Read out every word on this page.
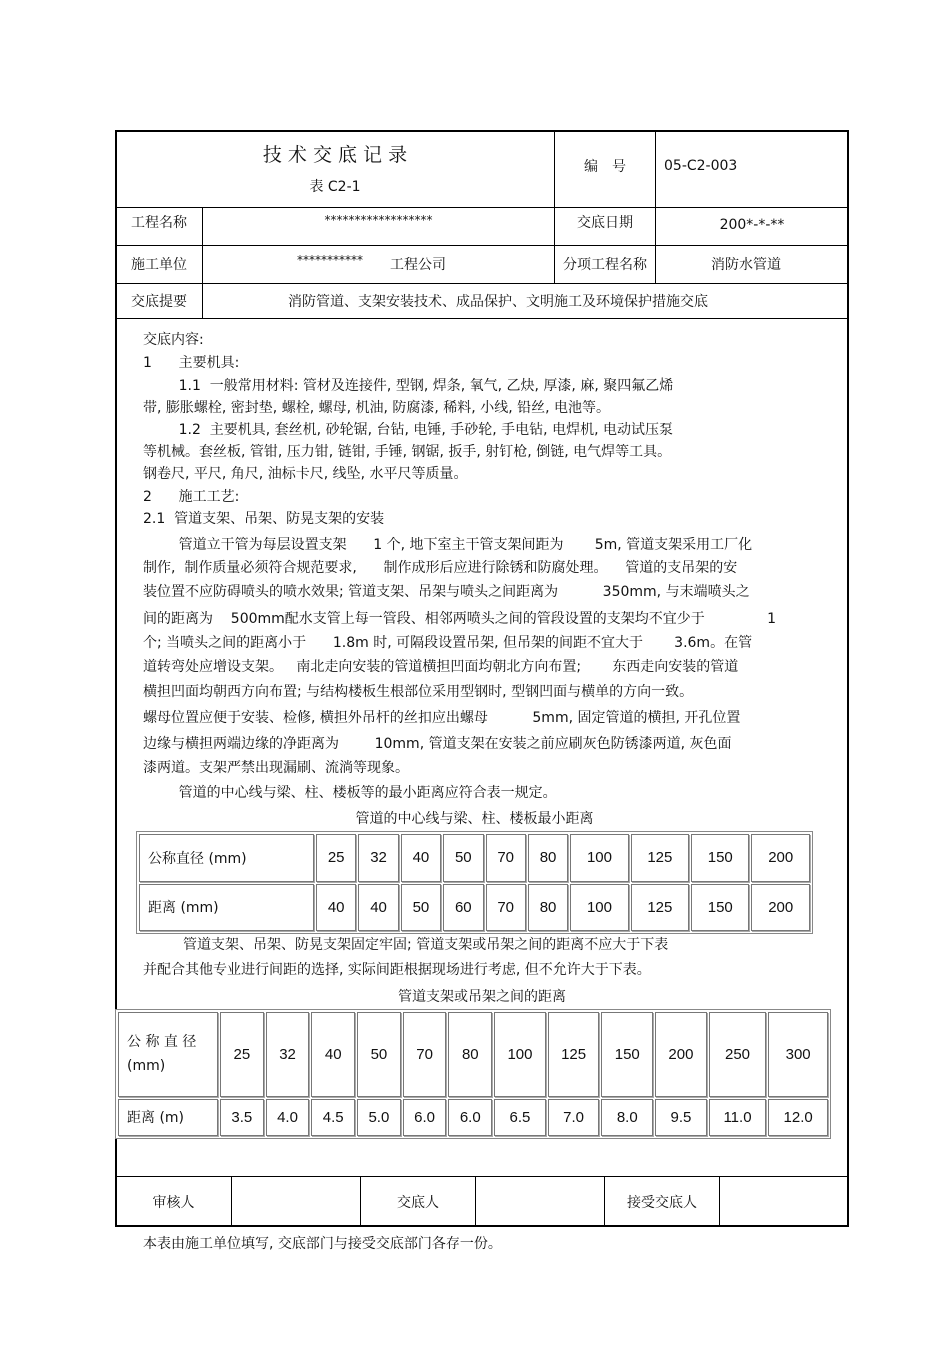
技 术 交 底 记 录
表 C2-1
编　号	05-C2-003
工程名称	******************	交底日期	200*-*-**
施工单位	*********** 工程公司	分项工程名称	消防水管道
交底提要	消防管道、支架安装技术、成品保护、文明施工及环境保护措施交底
交底内容:
1      主要机具:
1.1  一般常用材料: 管材及连接件, 型钢, 焊条, 氧气, 乙炔, 厚漆, 麻, 聚四氟乙烯
带, 膨胀螺栓, 密封垫, 螺栓, 螺母, 机油, 防腐漆, 稀料, 小线, 铅丝, 电池等。
1.2  主要机具, 套丝机, 砂轮锯, 台钻, 电锤, 手砂轮, 手电钻, 电焊机, 电动试压泵
等机械。套丝板, 管钳, 压力钳, 链钳, 手锤, 钢锯, 扳手, 射钉枪, 倒链, 电气焊等工具。
钢卷尺, 平尺, 角尺, 油标卡尺, 线坠, 水平尺等质量。
2      施工工艺:
2.1  管道支架、吊架、防晃支架的安装
管道立干管为每层设置支架      1 个, 地下室主干管支架间距为       5m, 管道支架采用工厂化
制作,  制作质量必须符合规范要求,      制作成形后应进行除锈和防腐处理。    管道的支吊架的安
装位置不应防碍喷头的喷水效果; 管道支架、吊架与喷头之间距离为          350mm, 与末端喷头之
间的距离为    500mm配水支管上每一管段、相邻两喷头之间的管段设置的支架均不宜少于              1
个; 当喷头之间的距离小于      1.8m 时, 可隔段设置吊架, 但吊架的间距不宜大于       3.6m。在管
道转弯处应增设支架。   南北走向安装的管道横担凹面均朝北方向布置;       东西走向安装的管道
横担凹面均朝西方向布置; 与结构楼板生根部位采用型钢时, 型钢凹面与横单的方向一致。
螺母位置应便于安装、检修, 横担外吊杆的丝扣应出螺母          5mm, 固定管道的横担, 开孔位置
边缘与横担两端边缘的净距离为        10mm, 管道支架在安装之前应刷灰色防锈漆两道, 灰色面
漆两道。支架严禁出现漏刷、流淌等现象。
管道的中心线与梁、柱、楼板等的最小距离应符合表一规定。
管道的中心线与梁、柱、楼板最小距离
公称直径 (mm)	25	32	40	50	70	80	100	125	150	200
距离 (mm)	40	40	50	60	70	80	100	125	150	200
管道支架、吊架、防晃支架固定牢固; 管道支架或吊架之间的距离不应大于下表
并配合其他专业进行间距的选择, 实际间距根据现场进行考虑, 但不允许大于下表。
管道支架或吊架之间的距离
公 称 直 径
(mm)	25	32	40	50	70	80	100	125	150	200	250	300
距离 (m)	3.5	4.0	4.5	5.0	6.0	6.0	6.5	7.0	8.0	9.5	11.0	12.0
审核人	交底人	接受交底人
本表由施工单位填写, 交底部门与接受交底部门各存一份。
